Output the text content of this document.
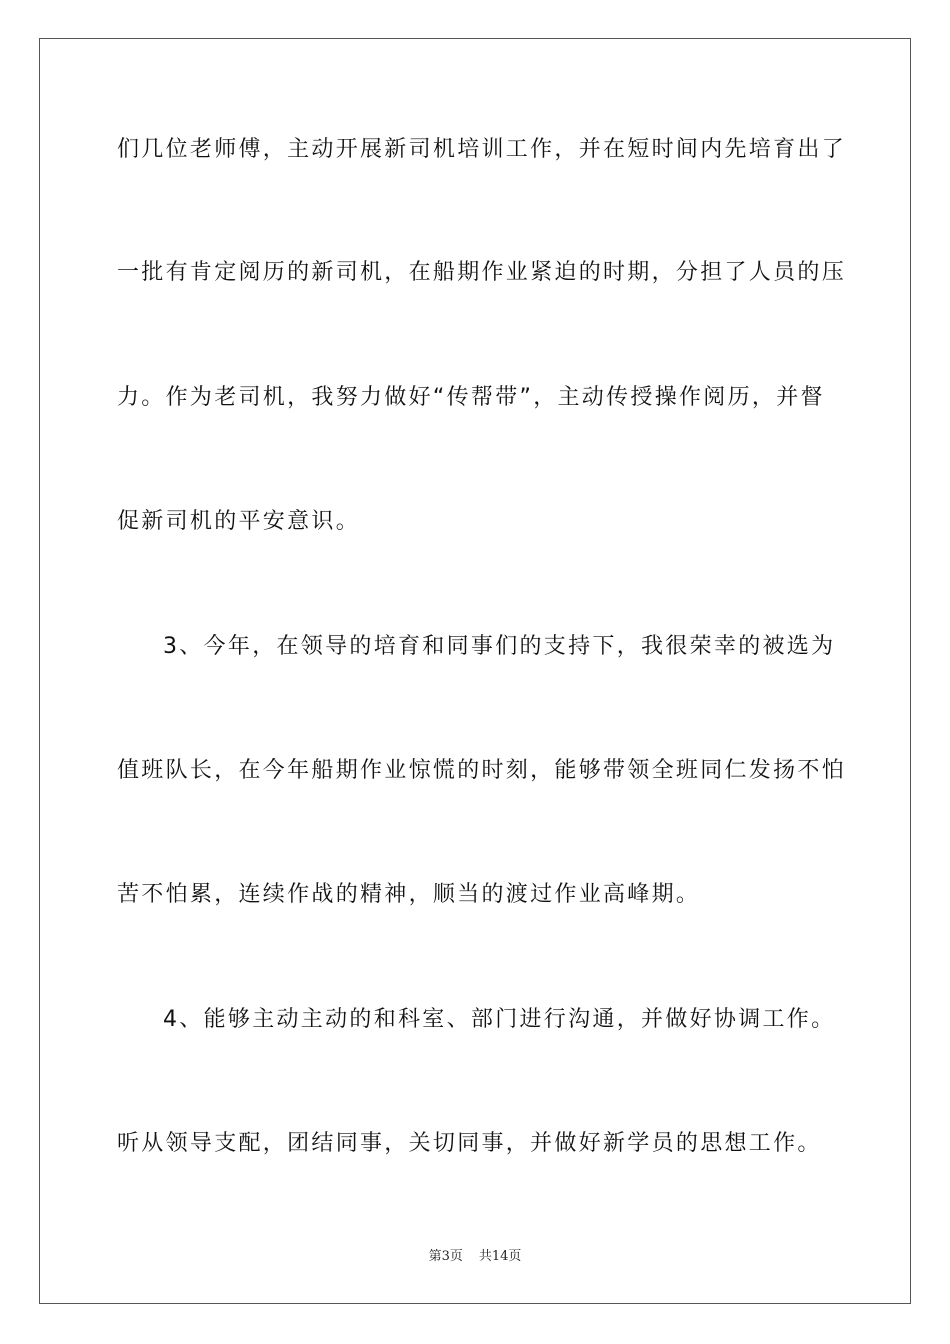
们几位老师傅，主动开展新司机培训工作，并在短时间内先培育出了
一批有肯定阅历的新司机，在船期作业紧迫的时期，分担了人员的压
力。作为老司机，我努力做好“传帮带”，主动传授操作阅历，并督
促新司机的平安意识。
3、今年，在领导的培育和同事们的支持下，我很荣幸的被选为
值班队长，在今年船期作业惊慌的时刻，能够带领全班同仁发扬不怕
苦不怕累，连续作战的精神，顺当的渡过作业高峰期。
4、能够主动主动的和科室、部门进行沟通，并做好协调工作。
听从领导支配，团结同事，关切同事，并做好新学员的思想工作。
第3页 共14页
